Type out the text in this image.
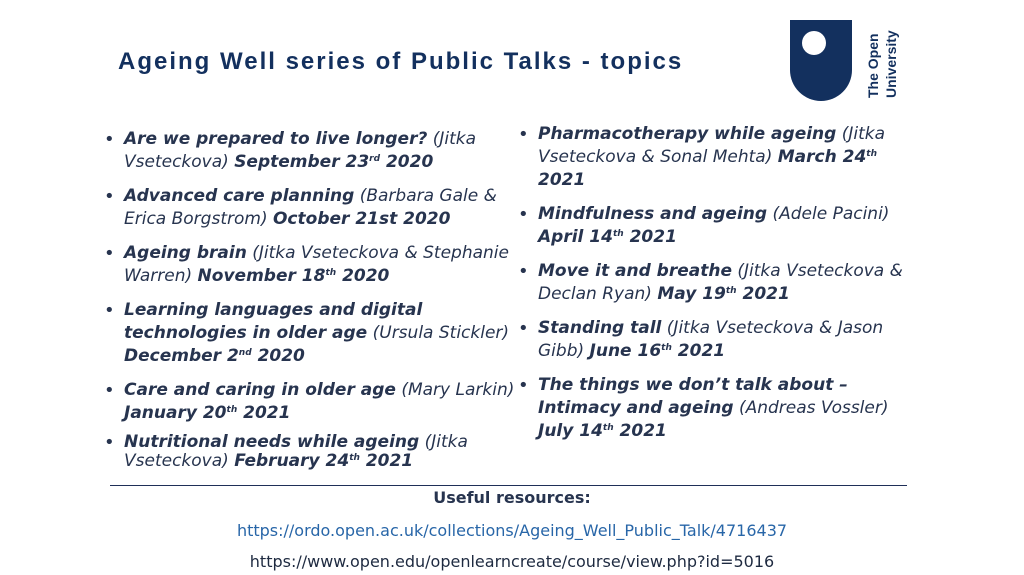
Ageing Well series of Public Talks - topics	The Open University
• Are we prepared to live longer? (Jitka Vseteckova) September 23rd 2020
• Advanced care planning (Barbara Gale & Erica Borgstrom) October 21st 2020
• Ageing brain (Jitka Vseteckova & Stephanie Warren) November 18th 2020
• Learning languages and digital technologies in older age (Ursula Stickler) December 2nd 2020
• Care and caring in older age (Mary Larkin) January 20th 2021
• Nutritional needs while ageing (Jitka Vseteckova) February 24th 2021
• Pharmacotherapy while ageing (Jitka Vseteckova & Sonal Mehta) March 24th 2021
• Mindfulness and ageing (Adele Pacini) April 14th 2021
• Move it and breathe (Jitka Vseteckova & Declan Ryan) May 19th 2021
• Standing tall (Jitka Vseteckova & Jason Gibb) June 16th 2021
• The things we don’t talk about – Intimacy and ageing (Andreas Vossler) July 14th 2021
Useful resources:
https://ordo.open.ac.uk/collections/Ageing_Well_Public_Talk/4716437
https://www.open.edu/openlearncreate/course/view.php?id=5016
